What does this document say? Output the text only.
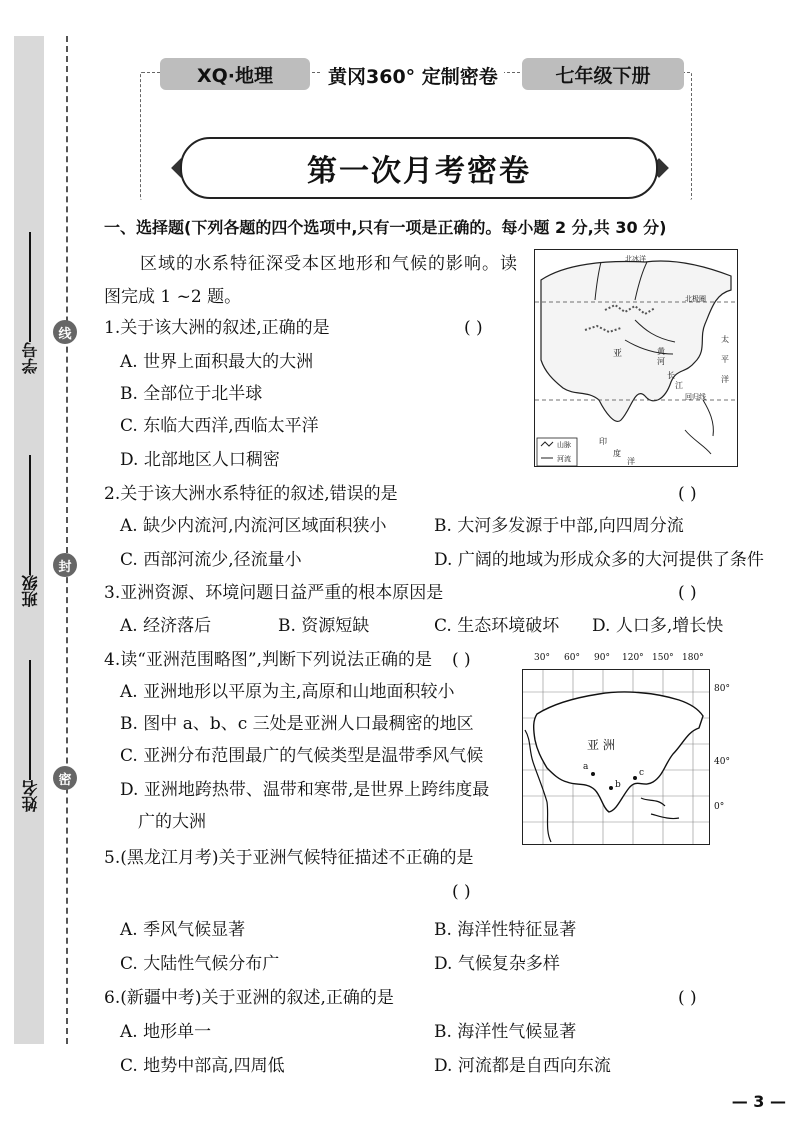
线
封
密
学号
班级
姓名
XQ·地理	黄冈360° 定制密卷	七年级下册
第一次月考密卷
一、选择题(下列各题的四个选项中,只有一项是正确的。每小题 2 分,共 30 分)
区域的水系特征深受本区地形和气候的影响。读
图完成 1 ~2 题。
北冰洋
亚	黄
河
长
江
太
平
洋
印
度
洋
回归线
北极圈
山脉
河流
1.关于该大洲的叙述,正确的是	( )
A. 世界上面积最大的大洲
B. 全部位于北半球
C. 东临大西洋,西临太平洋
D. 北部地区人口稠密
2.关于该大洲水系特征的叙述,错误的是	( )
A. 缺少内流河,内流河区域面积狭小	B. 大河多发源于中部,向四周分流
C. 西部河流少,径流量小	D. 广阔的地域为形成众多的大河提供了条件
3.亚洲资源、环境问题日益严重的根本原因是	( )
A. 经济落后	B. 资源短缺	C. 生态环境破坏 D. 人口多,增长快
4.读“亚洲范围略图”,判断下列说法正确的是 ( )
A. 亚洲地形以平原为主,高原和山地面积较小
B. 图中 a、b、c 三处是亚洲人口最稠密的地区
C. 亚洲分布范围最广的气候类型是温带季风气候
D. 亚洲地跨热带、温带和寒带,是世界上跨纬度最
广的大洲
30° 60° 90° 120° 150° 180°
亚 洲
a
b
c
80°
40°
0°
5.(黑龙江月考)关于亚洲气候特征描述不正确的是
( )
A. 季风气候显著	B. 海洋性特征显著
C. 大陆性气候分布广	D. 气候复杂多样
6.(新疆中考)关于亚洲的叙述,正确的是	( )
A. 地形单一	B. 海洋性气候显著
C. 地势中部高,四周低	D. 河流都是自西向东流
— 3 —
